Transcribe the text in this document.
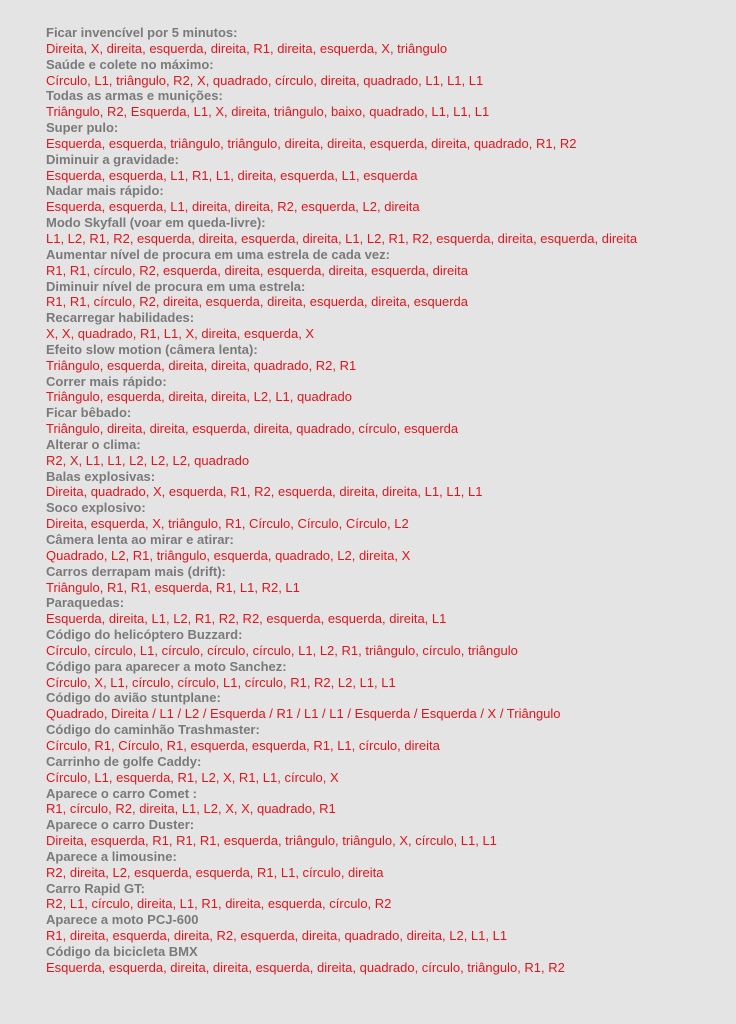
Ficar invencível por 5 minutos:
Direita, X, direita, esquerda, direita, R1, direita, esquerda, X, triângulo
Saúde e colete no máximo:
Círculo, L1, triângulo, R2, X, quadrado, círculo, direita, quadrado, L1, L1, L1
Todas as armas e munições:
Triângulo, R2, Esquerda, L1, X, direita, triângulo, baixo, quadrado, L1, L1, L1
Super pulo:
Esquerda, esquerda, triângulo, triângulo, direita, direita, esquerda, direita, quadrado, R1, R2
Diminuir a gravidade:
Esquerda, esquerda, L1, R1, L1, direita, esquerda, L1, esquerda
Nadar mais rápido:
Esquerda, esquerda, L1, direita, direita, R2, esquerda, L2, direita
Modo Skyfall (voar em queda-livre):
L1, L2, R1, R2, esquerda, direita, esquerda, direita, L1, L2, R1, R2, esquerda, direita, esquerda, direita
Aumentar nível de procura em uma estrela de cada vez:
R1, R1, círculo, R2, esquerda, direita, esquerda, direita, esquerda, direita
Diminuir nível de procura em uma estrela:
R1, R1, círculo, R2, direita, esquerda, direita, esquerda, direita, esquerda
Recarregar habilidades:
X, X, quadrado, R1, L1, X, direita, esquerda, X
Efeito slow motion (câmera lenta):
Triângulo, esquerda, direita, direita, quadrado, R2, R1
Correr mais rápido:
Triângulo, esquerda, direita, direita, L2, L1, quadrado
Ficar bêbado:
Triângulo, direita, direita, esquerda, direita, quadrado, círculo, esquerda
Alterar o clima:
R2, X, L1, L1, L2, L2, L2, quadrado
Balas explosivas:
Direita, quadrado, X, esquerda, R1, R2, esquerda, direita, direita, L1, L1, L1
Soco explosivo:
Direita, esquerda, X, triângulo, R1, Círculo, Círculo, Círculo, L2
Câmera lenta ao mirar e atirar:
Quadrado, L2, R1, triângulo, esquerda, quadrado, L2, direita, X
Carros derrapam mais (drift):
Triângulo, R1, R1, esquerda, R1, L1, R2, L1
Paraquedas:
Esquerda, direita, L1, L2, R1, R2, R2, esquerda, esquerda, direita, L1
Código do helicóptero Buzzard:
Círculo, círculo, L1, círculo, círculo, círculo, L1, L2, R1, triângulo, círculo, triângulo
Código para aparecer a moto Sanchez:
Círculo, X, L1, círculo, círculo, L1, círculo, R1, R2, L2, L1, L1
Código do avião stuntplane:
Quadrado, Direita / L1 / L2 / Esquerda / R1 / L1 / L1 / Esquerda / Esquerda / X / Triângulo
Código do caminhão Trashmaster:
Círculo, R1, Círculo, R1, esquerda, esquerda, R1, L1, círculo, direita
Carrinho de golfe Caddy:
Círculo, L1, esquerda, R1, L2, X, R1, L1, círculo, X
Aparece o carro Comet :
R1, círculo, R2, direita, L1, L2, X, X, quadrado, R1
Aparece o carro Duster:
Direita, esquerda, R1, R1, R1, esquerda, triângulo, triângulo, X, círculo, L1, L1
Aparece a limousine:
R2, direita, L2, esquerda, esquerda, R1, L1, círculo, direita
Carro Rapid GT:
R2, L1, círculo, direita, L1, R1, direita, esquerda, círculo, R2
Aparece a moto PCJ-600
R1, direita, esquerda, direita, R2, esquerda, direita, quadrado, direita, L2, L1, L1
Código da bicicleta BMX
Esquerda, esquerda, direita, direita, esquerda, direita, quadrado, círculo, triângulo, R1, R2
